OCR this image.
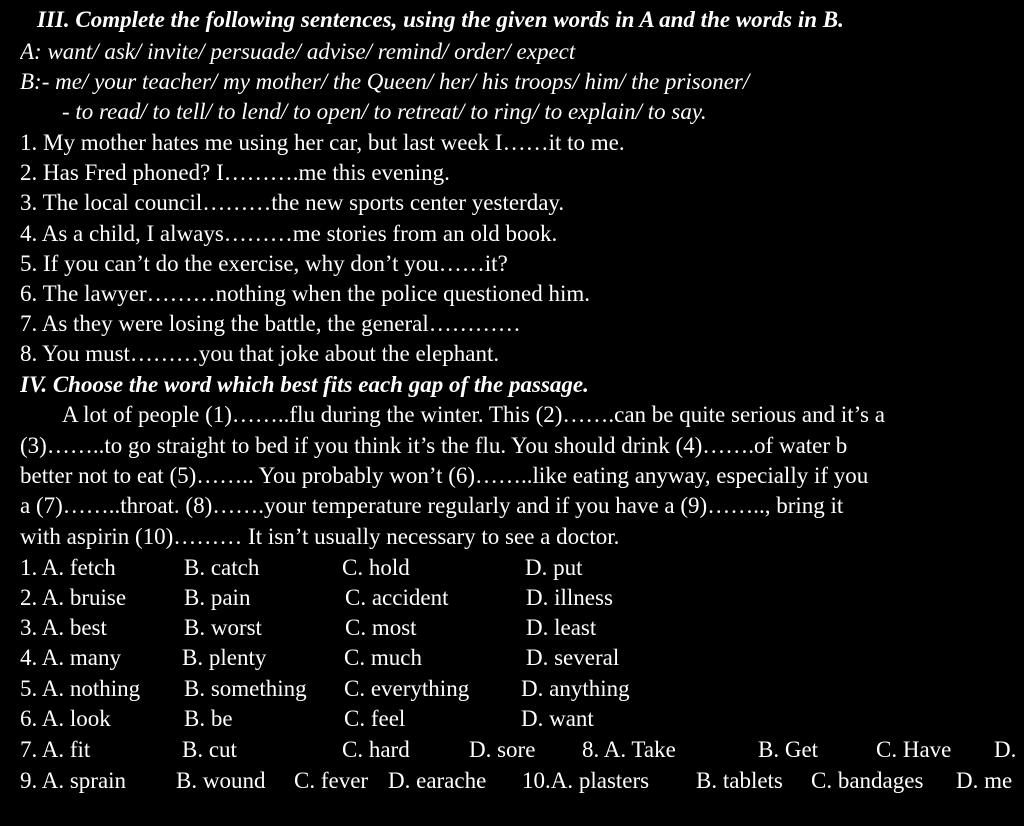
III. Complete the following sentences, using the given words in A and the words in B.
A: want/ ask/ invite/ persuade/ advise/ remind/ order/ expect
B:- me/ your teacher/ my mother/ the Queen/ her/ his troops/ him/ the prisoner/
- to read/ to tell/ to lend/ to open/ to retreat/ to ring/ to explain/ to say.
1. My mother hates me using her car, but last week I……it to me.
2. Has Fred phoned? I……….me this evening.
3. The local council………the new sports center yesterday.
4. As a child, I always………me stories from an old book.
5. If you can’t do the exercise, why don’t you……it?
6. The lawyer………nothing when the police questioned him.
7. As they were losing the battle, the general…………
8. You must………you that joke about the elephant.
IV. Choose the word which best fits each gap of the passage.
A lot of people (1)……..flu during the winter. This (2)…….can be quite serious and it’s a
(3)……..to go straight to bed if you think it’s the flu. You should drink (4)…….of water b
better not to eat (5)…….. You probably won’t (6)……..like eating anyway, especially if you
a (7)……..throat. (8)…….your temperature regularly and if you have a (9)…….., bring it
with aspirin (10)……… It isn’t usually necessary to see a doctor.
1. A. fetch	B. catch	C. hold	D. put
2. A. bruise	B. pain	C. accident	D. illness
3. A. best	B. worst	C. most	D. least
4. A. many	B. plenty	C. much	D. several
5. A. nothing B. something C. everything D. anything
6. A. look	B. be	C. feel	D. want
7. A. fit	B. cut	C. hard	D. sore 8. A. Take	B. Get	C. Have D.
9. A. sprain B. wound C. fever D. earache 10.A. plasters B. tablets C. bandages D. me
